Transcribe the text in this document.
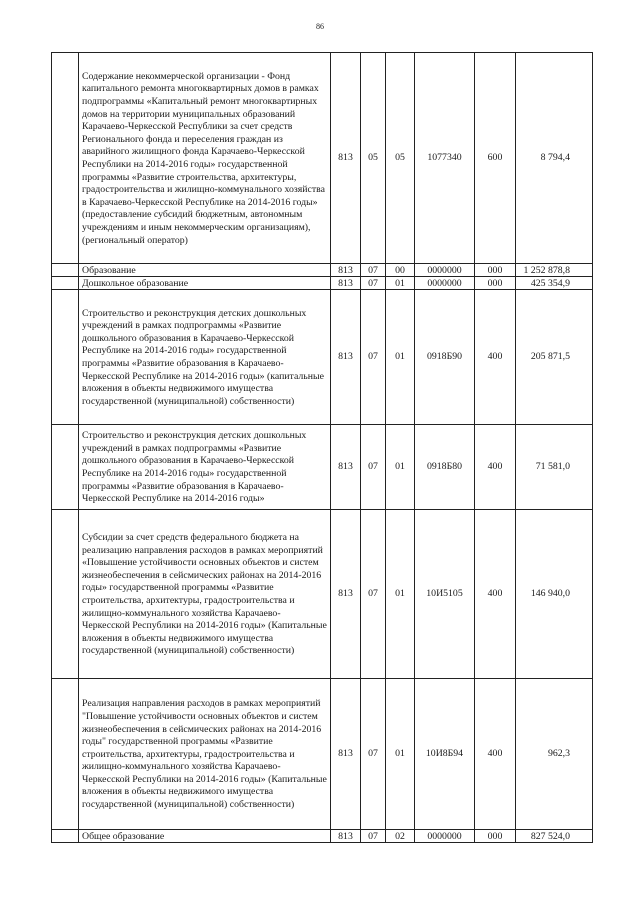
86

	Содержание некоммерческой организации - Фонд капитального ремонта многоквартирных домов в рамках подпрограммы «Капитальный ремонт многоквартирных домов на территории муниципальных образований Карачаево-Черкесской Республики за счет средств Регионального фонда и переселения граждан из аварийного жилищного фонда Карачаево-Черкесской Республики на 2014-2016 годы» государственной программы «Развитие строительства, архитектуры, градостроительства и жилищно-коммунального хозяйства в Карачаево-Черкесской Республике на 2014-2016 годы» (предоставление субсидий бюджетным, автономным учреждениям и иным некоммерческим организациям), (региональный оператор)	813	05	05	1077340	600	8 794,4
	Образование	813	07	00	0000000	000	1 252 878,8
	Дошкольное образование	813	07	01	0000000	000	425 354,9

	Строительство и реконструкция детских дошкольных учреждений в рамках подпрограммы «Развитие дошкольного образования в Карачаево-Черкесской Республике на 2014-2016 годы» государственной программы «Развитие образования в Карачаево-Черкесской Республике на 2014-2016 годы» (капитальные вложения в объекты недвижимого имущества государственной (муниципальной) собственности)	813	07	01	0918Б90	400	205 871,5

	Строительство и реконструкция детских дошкольных учреждений в рамках подпрограммы «Развитие дошкольного образования в Карачаево-Черкесской Республике на 2014-2016 годы» государственной программы «Развитие образования в Карачаево-Черкесской Республике на 2014-2016 годы»	813	07	01	0918Б80	400	71 581,0

	Субсидии за счет средств федерального бюджета на реализацию направления расходов в рамках мероприятий «Повышение устойчивости основных объектов и систем жизнеобеспечения в сейсмических районах на 2014-2016 годы» государственной программы «Развитие строительства, архитектуры, градостроительства и жилищно-коммунального хозяйства Карачаево-Черкесской Республики на 2014-2016 годы» (Капитальные вложения в объекты недвижимого имущества государственной (муниципальной) собственности)	813	07	01	10И5105	400	146 940,0

	Реализация направления расходов в рамках мероприятий "Повышение устойчивости основных объектов и систем жизнеобеспечения в сейсмических районах на 2014-2016 годы" государственной программы «Развитие строительства, архитектуры, градостроительства и жилищно-коммунального хозяйства Карачаево-Черкесской Республики на 2014-2016 годы» (Капитальные вложения в объекты недвижимого имущества государственной (муниципальной) собственности)	813	07	01	10И8Б94	400	962,3
	Общее образование	813	07	02	0000000	000	827 524,0
